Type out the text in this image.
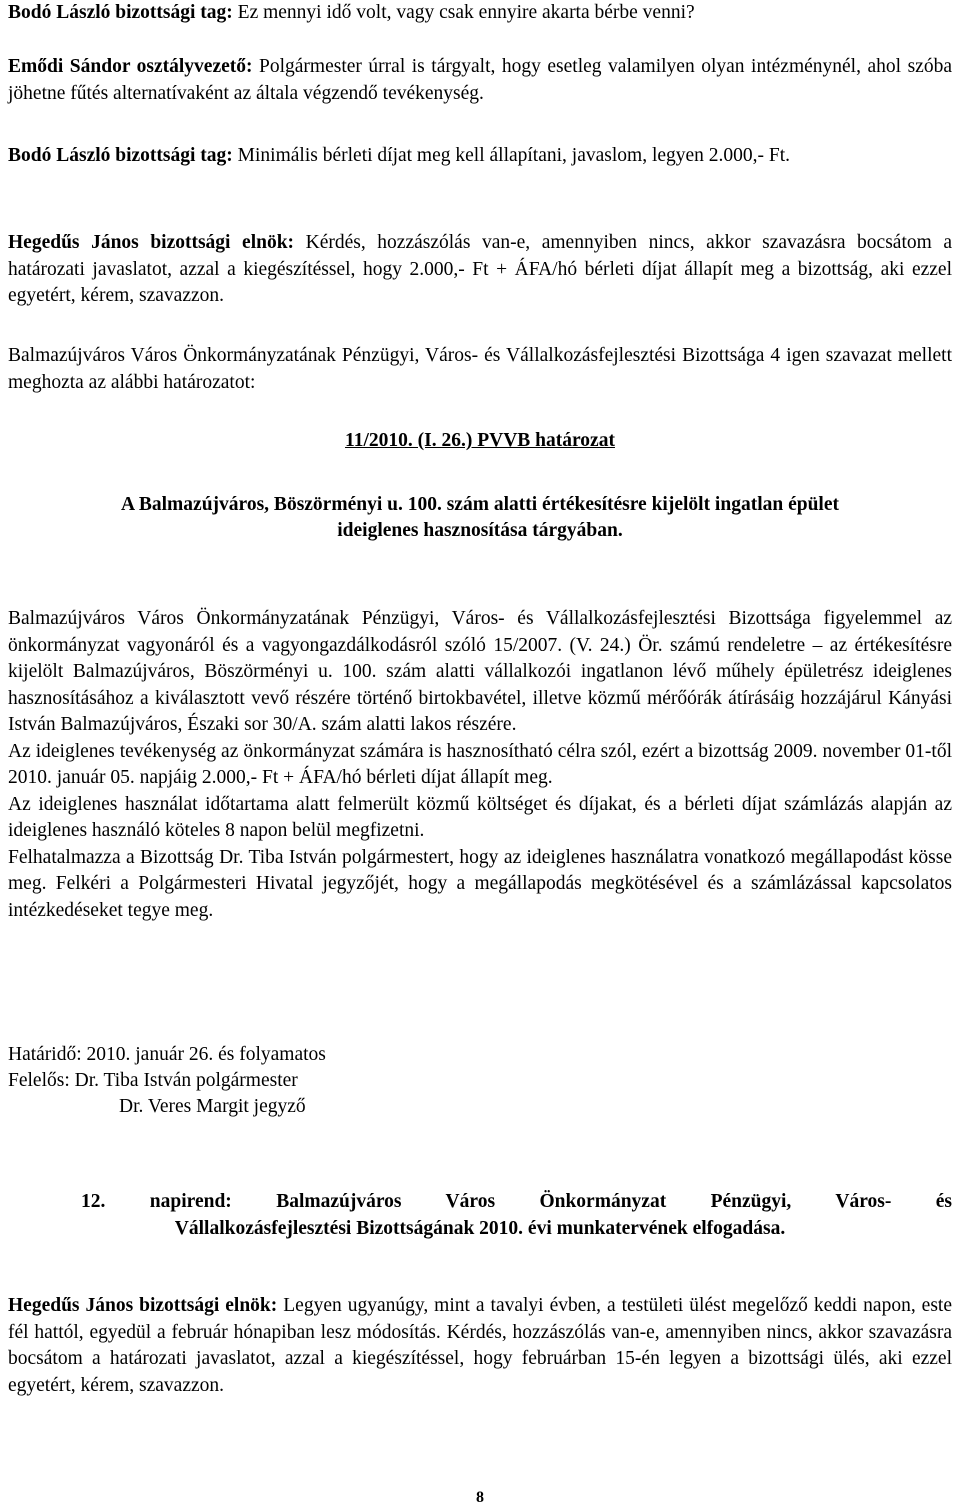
Bodó László bizottsági tag: Ez mennyi idő volt, vagy csak ennyire akarta bérbe venni?

Emődi Sándor osztályvezető: Polgármester úrral is tárgyalt, hogy esetleg valamilyen olyan intézménynél, ahol szóba jöhetne fűtés alternatívaként az általa végzendő tevékenység.

Bodó László bizottsági tag: Minimális bérleti díjat meg kell állapítani, javaslom, legyen 2.000,- Ft.

Hegedűs János bizottsági elnök: Kérdés, hozzászólás van-e, amennyiben nincs, akkor szavazásra bocsátom a határozati javaslatot, azzal a kiegészítéssel, hogy 2.000,- Ft + ÁFA/hó bérleti díjat állapít meg a bizottság, aki ezzel egyetért, kérem, szavazzon.

Balmazújváros Város Önkormányzatának Pénzügyi, Város- és Vállalkozásfejlesztési Bizottsága 4 igen szavazat mellett meghozta az alábbi határozatot:

11/2010. (I. 26.) PVVB határozat
A Balmazújváros, Böszörményi u. 100. szám alatti értékesítésre kijelölt ingatlan épület
ideiglenes hasznosítása tárgyában.

Balmazújváros Város Önkormányzatának Pénzügyi, Város- és Vállalkozásfejlesztési Bizottsága figyelemmel az önkormányzat vagyonáról és a vagyongazdálkodásról szóló 15/2007. (V. 24.) Ör. számú rendeletre – az értékesítésre kijelölt Balmazújváros, Böszörményi u. 100. szám alatti vállalkozói ingatlanon lévő műhely épületrész ideiglenes hasznosításához a kiválasztott vevő részére történő birtokbavétel, illetve közmű mérőórák átírásáig hozzájárul Kányási István Balmazújváros, Északi sor 30/A. szám alatti lakos részére.

Az ideiglenes tevékenység az önkormányzat számára is hasznosítható célra szól, ezért a bizottság 2009. november 01-től 2010. január 05. napjáig 2.000,- Ft + ÁFA/hó bérleti díjat állapít meg.

Az ideiglenes használat időtartama alatt felmerült közmű költséget és díjakat, és a bérleti díjat számlázás alapján az ideiglenes használó köteles 8 napon belül megfizetni.

Felhatalmazza a Bizottság Dr. Tiba István polgármestert, hogy az ideiglenes használatra vonatkozó megállapodást kösse meg. Felkéri a Polgármesteri Hivatal jegyzőjét, hogy a megállapodás megkötésével és a számlázással kapcsolatos intézkedéseket tegye meg.

Határidő: 2010. január 26. és folyamatos
Felelős: Dr. Tiba István polgármester
Dr. Veres Margit jegyző
12. napirend: Balmazújváros Város Önkormányzat Pénzügyi, Város- és
Vállalkozásfejlesztési Bizottságának 2010. évi munkatervének elfogadása.

Hegedűs János bizottsági elnök: Legyen ugyanúgy, mint a tavalyi évben, a testületi ülést megelőző keddi napon, este fél hattól, egyedül a február hónapiban lesz módosítás. Kérdés, hozzászólás van-e, amennyiben nincs, akkor szavazásra bocsátom a határozati javaslatot, azzal a kiegészítéssel, hogy februárban 15-én legyen a bizottsági ülés, aki ezzel egyetért, kérem, szavazzon.

8
